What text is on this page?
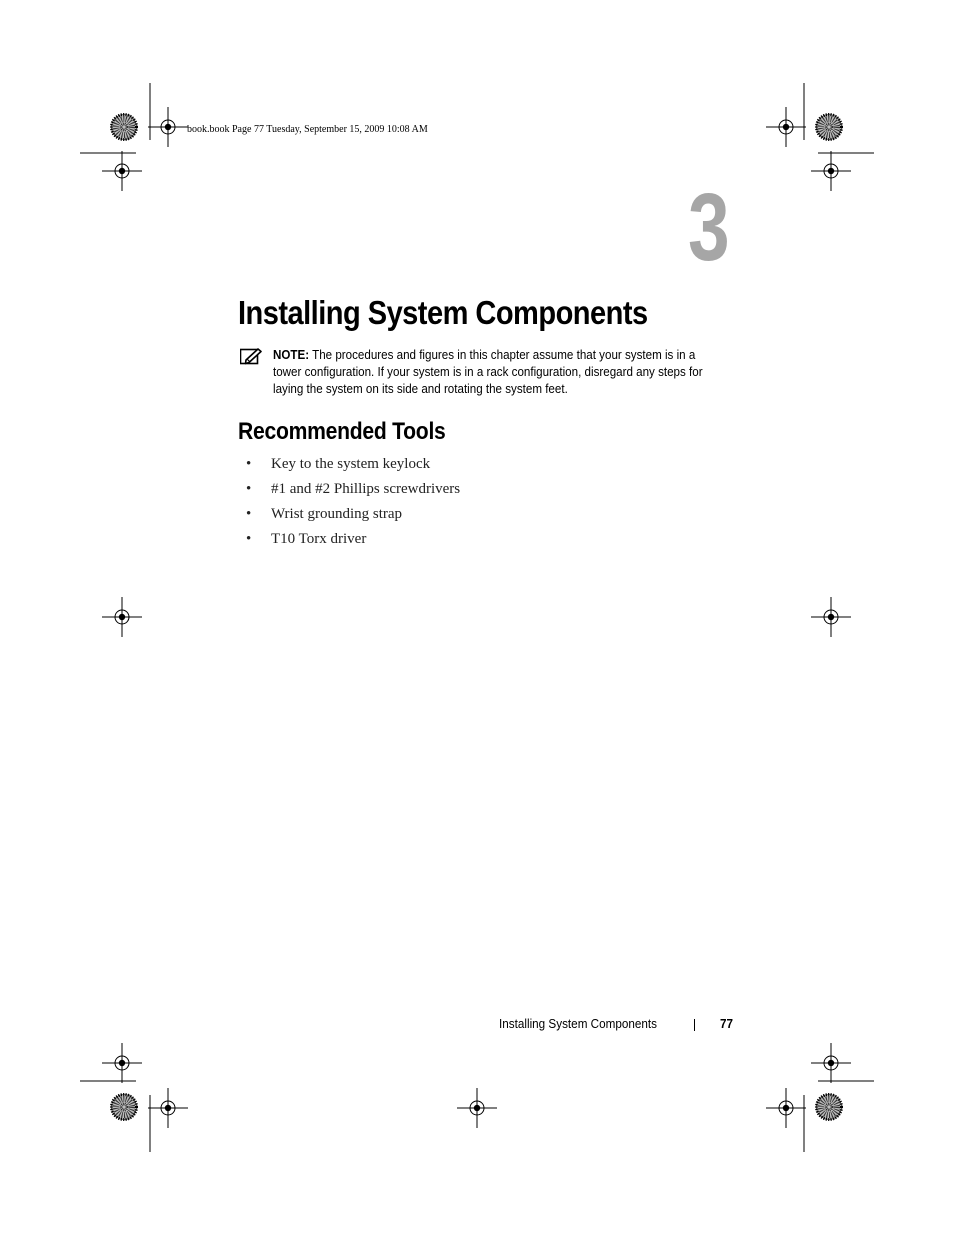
book.book Page 77 Tuesday, September 15, 2009 10:08 AM
3
Installing System Components
NOTE: The procedures and figures in this chapter assume that your system is in a tower configuration. If your system is in a rack configuration, disregard any steps for laying the system on its side and rotating the system feet.
Recommended Tools
• Key to the system keylock
• #1 and #2 Phillips screwdrivers
• Wrist grounding strap
• T10 Torx driver
Installing System Components	77
